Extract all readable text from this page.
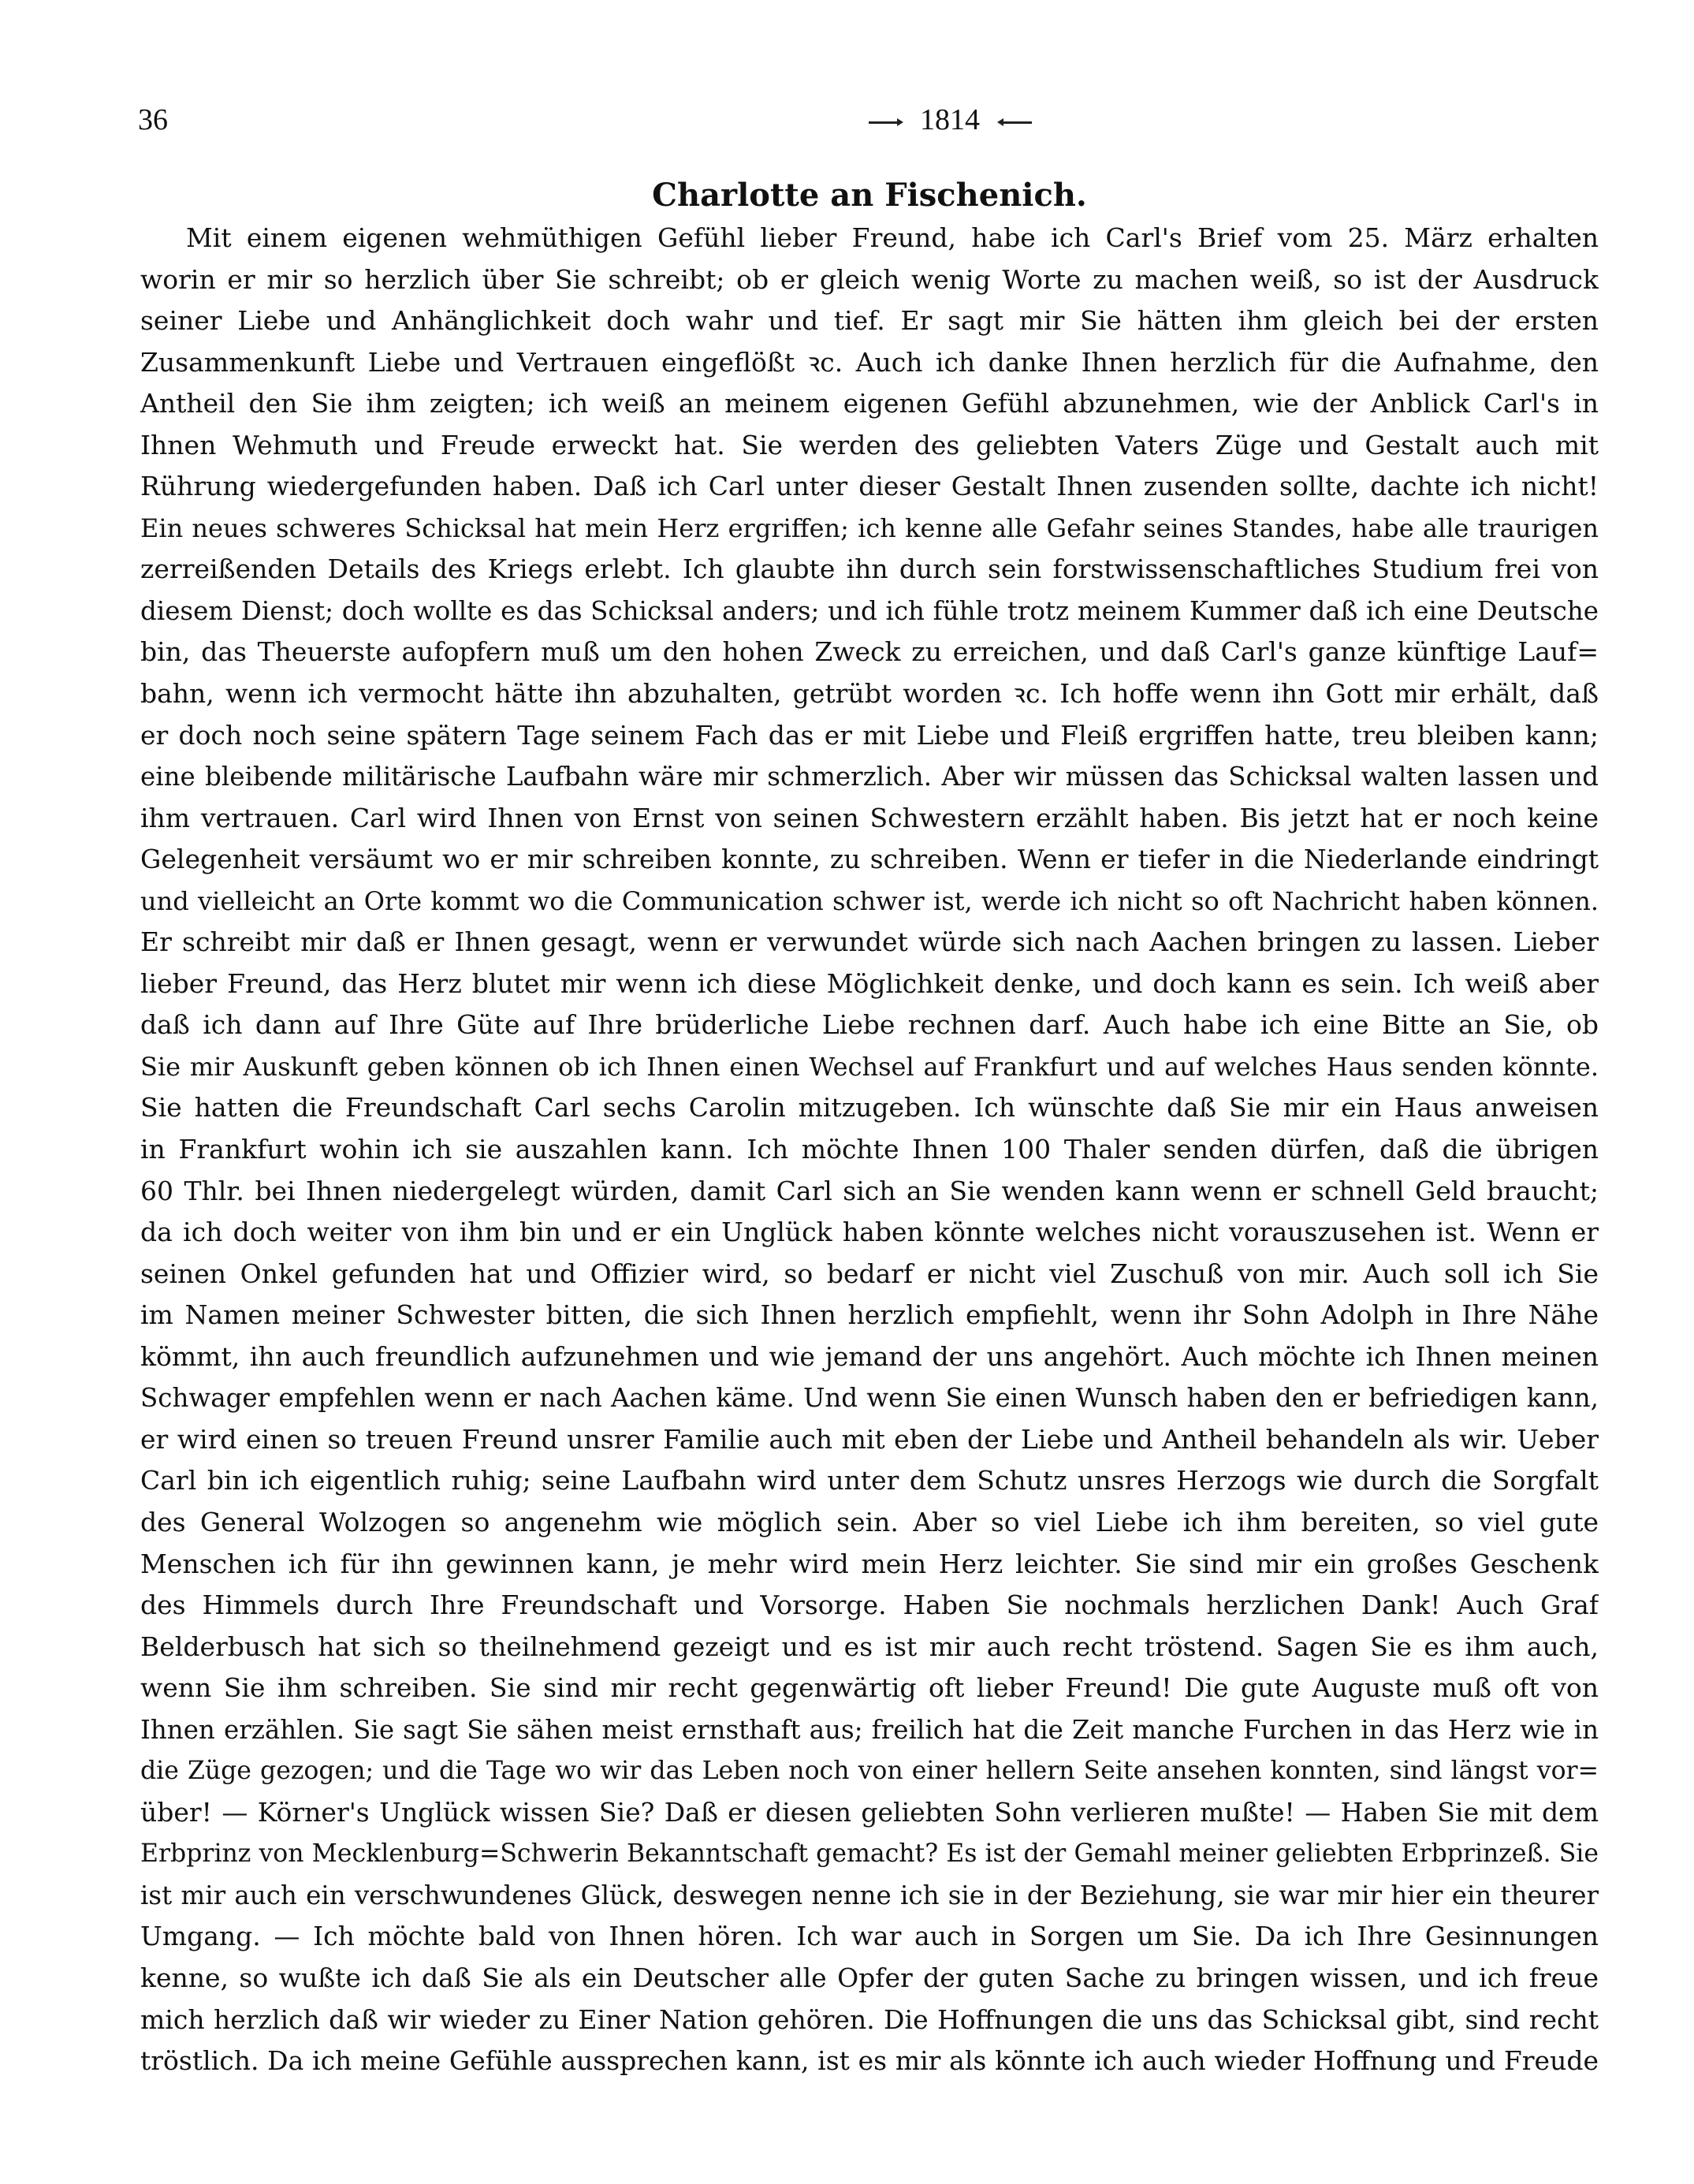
36	1814
Charlotte an Fischenich.
Mit einem eigenen wehmüthigen Gefühl lieber Freund, habe ich Carl's Brief vom 25. März erhalten
worin er mir so herzlich über Sie schreibt; ob er gleich wenig Worte zu machen weiß, so ist der Ausdruck
seiner Liebe und Anhänglichkeit doch wahr und tief. Er sagt mir Sie hätten ihm gleich bei der ersten
Zusammenkunft Liebe und Vertrauen eingeflößt ꝛc. Auch ich danke Ihnen herzlich für die Aufnahme, den
Antheil den Sie ihm zeigten; ich weiß an meinem eigenen Gefühl abzunehmen, wie der Anblick Carl's in
Ihnen Wehmuth und Freude erweckt hat. Sie werden des geliebten Vaters Züge und Gestalt auch mit
Rührung wiedergefunden haben. Daß ich Carl unter dieser Gestalt Ihnen zusenden sollte, dachte ich nicht!
Ein neues schweres Schicksal hat mein Herz ergriffen; ich kenne alle Gefahr seines Standes, habe alle traurigen
zerreißenden Details des Kriegs erlebt. Ich glaubte ihn durch sein forstwissenschaftliches Studium frei von
diesem Dienst; doch wollte es das Schicksal anders; und ich fühle trotz meinem Kummer daß ich eine Deutsche
bin, das Theuerste aufopfern muß um den hohen Zweck zu erreichen, und daß Carl's ganze künftige Lauf=
bahn, wenn ich vermocht hätte ihn abzuhalten, getrübt worden ꝛc. Ich hoffe wenn ihn Gott mir erhält, daß
er doch noch seine spätern Tage seinem Fach das er mit Liebe und Fleiß ergriffen hatte, treu bleiben kann;
eine bleibende militärische Laufbahn wäre mir schmerzlich. Aber wir müssen das Schicksal walten lassen und
ihm vertrauen. Carl wird Ihnen von Ernst von seinen Schwestern erzählt haben. Bis jetzt hat er noch keine
Gelegenheit versäumt wo er mir schreiben konnte, zu schreiben. Wenn er tiefer in die Niederlande eindringt
und vielleicht an Orte kommt wo die Communication schwer ist, werde ich nicht so oft Nachricht haben können.
Er schreibt mir daß er Ihnen gesagt, wenn er verwundet würde sich nach Aachen bringen zu lassen. Lieber
lieber Freund, das Herz blutet mir wenn ich diese Möglichkeit denke, und doch kann es sein. Ich weiß aber
daß ich dann auf Ihre Güte auf Ihre brüderliche Liebe rechnen darf. Auch habe ich eine Bitte an Sie, ob
Sie mir Auskunft geben können ob ich Ihnen einen Wechsel auf Frankfurt und auf welches Haus senden könnte.
Sie hatten die Freundschaft Carl sechs Carolin mitzugeben. Ich wünschte daß Sie mir ein Haus anweisen
in Frankfurt wohin ich sie auszahlen kann. Ich möchte Ihnen 100 Thaler senden dürfen, daß die übrigen
60 Thlr. bei Ihnen niedergelegt würden, damit Carl sich an Sie wenden kann wenn er schnell Geld braucht;
da ich doch weiter von ihm bin und er ein Unglück haben könnte welches nicht vorauszusehen ist. Wenn er
seinen Onkel gefunden hat und Offizier wird, so bedarf er nicht viel Zuschuß von mir. Auch soll ich Sie
im Namen meiner Schwester bitten, die sich Ihnen herzlich empfiehlt, wenn ihr Sohn Adolph in Ihre Nähe
kömmt, ihn auch freundlich aufzunehmen und wie jemand der uns angehört. Auch möchte ich Ihnen meinen
Schwager empfehlen wenn er nach Aachen käme. Und wenn Sie einen Wunsch haben den er befriedigen kann,
er wird einen so treuen Freund unsrer Familie auch mit eben der Liebe und Antheil behandeln als wir. Ueber
Carl bin ich eigentlich ruhig; seine Laufbahn wird unter dem Schutz unsres Herzogs wie durch die Sorgfalt
des General Wolzogen so angenehm wie möglich sein. Aber so viel Liebe ich ihm bereiten, so viel gute
Menschen ich für ihn gewinnen kann, je mehr wird mein Herz leichter. Sie sind mir ein großes Geschenk
des Himmels durch Ihre Freundschaft und Vorsorge. Haben Sie nochmals herzlichen Dank! Auch Graf
Belderbusch hat sich so theilnehmend gezeigt und es ist mir auch recht tröstend. Sagen Sie es ihm auch,
wenn Sie ihm schreiben. Sie sind mir recht gegenwärtig oft lieber Freund! Die gute Auguste muß oft von
Ihnen erzählen. Sie sagt Sie sähen meist ernsthaft aus; freilich hat die Zeit manche Furchen in das Herz wie in
die Züge gezogen; und die Tage wo wir das Leben noch von einer hellern Seite ansehen konnten, sind längst vor=
über! — Körner's Unglück wissen Sie? Daß er diesen geliebten Sohn verlieren mußte! — Haben Sie mit dem
Erbprinz von Mecklenburg=Schwerin Bekanntschaft gemacht? Es ist der Gemahl meiner geliebten Erbprinzeß. Sie
ist mir auch ein verschwundenes Glück, deswegen nenne ich sie in der Beziehung, sie war mir hier ein theurer
Umgang. — Ich möchte bald von Ihnen hören. Ich war auch in Sorgen um Sie. Da ich Ihre Gesinnungen
kenne, so wußte ich daß Sie als ein Deutscher alle Opfer der guten Sache zu bringen wissen, und ich freue
mich herzlich daß wir wieder zu Einer Nation gehören. Die Hoffnungen die uns das Schicksal gibt, sind recht
tröstlich. Da ich meine Gefühle aussprechen kann, ist es mir als könnte ich auch wieder Hoffnung und Freude
